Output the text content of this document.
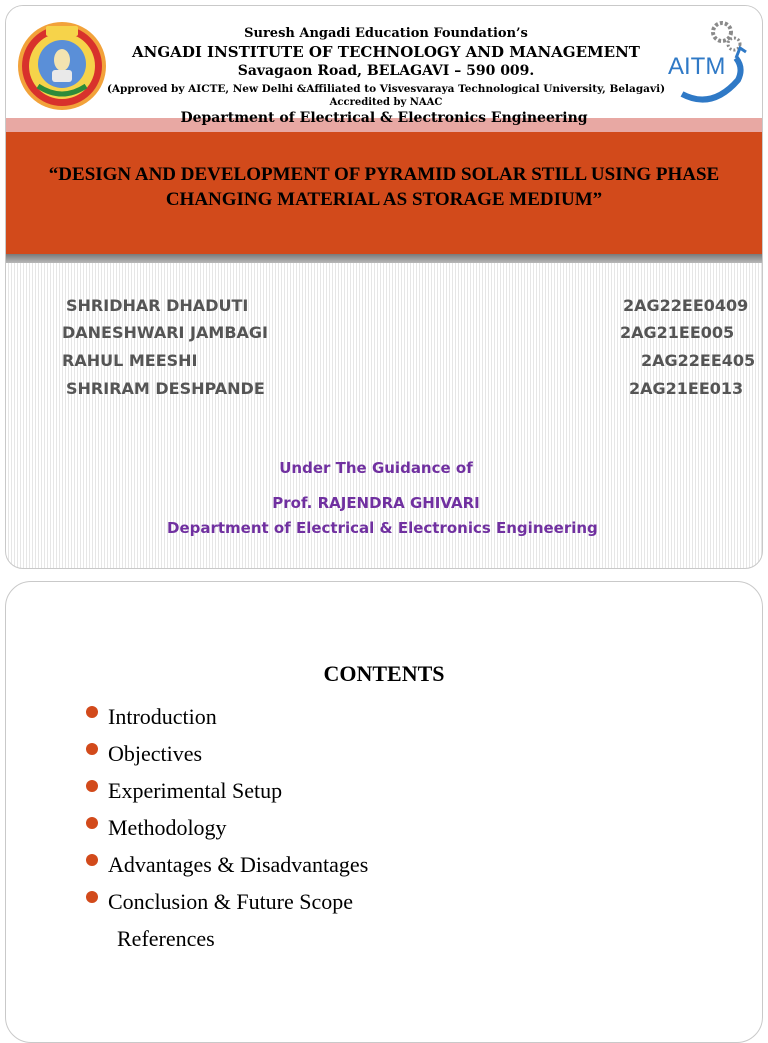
Suresh Angadi Education Foundation’s
ANGADI INSTITUTE OF TECHNOLOGY AND MANAGEMENT
Savagaon Road, BELAGAVI – 590 009.
(Approved by AICTE, New Delhi &Affiliated to Visvesvaraya Technological University, Belagavi)
Accredited by NAAC
AITM
Department of Electrical & Electronics Engineering
“DESIGN AND DEVELOPMENT OF PYRAMID SOLAR STILL USING PHASE
CHANGING MATERIAL AS STORAGE MEDIUM”
SHRIDHAR DHADUTI	2AG22EE0409
DANESHWARI JAMBAGI	2AG21EE005
RAHUL MEESHI	2AG22EE405
SHRIRAM DESHPANDE	2AG21EE013
Under The Guidance of
Prof. RAJENDRA GHIVARI
Department of Electrical & Electronics Engineering
CONTENTS
Introduction
Objectives
Experimental Setup
Methodology
Advantages & Disadvantages
Conclusion & Future Scope
References
